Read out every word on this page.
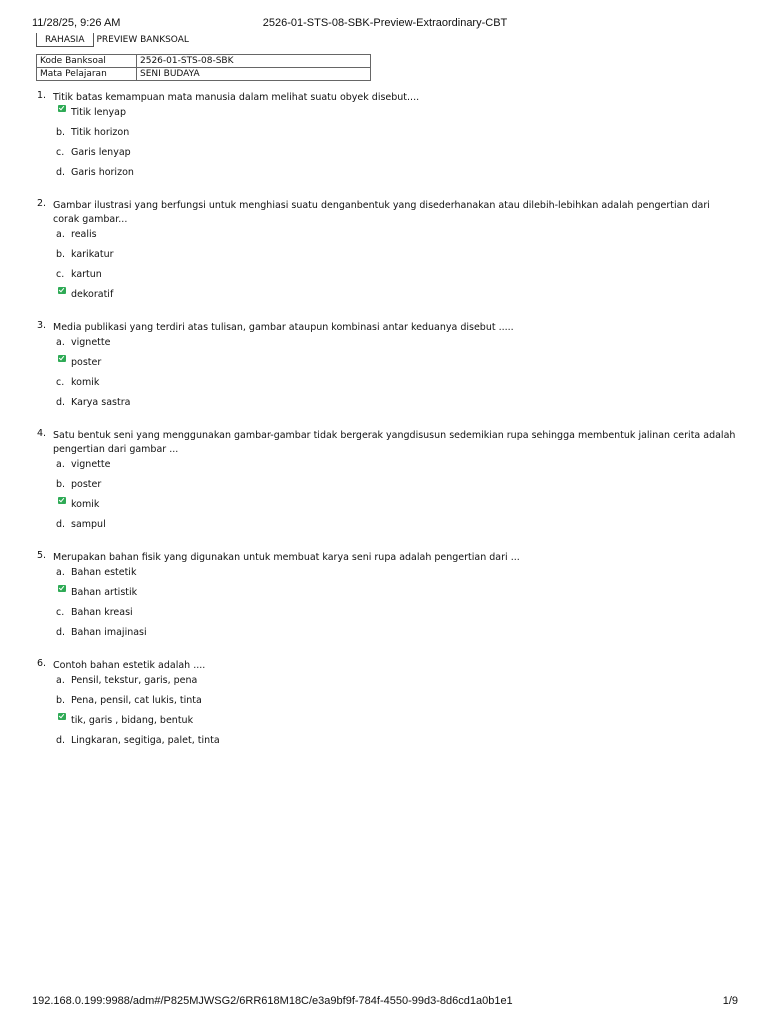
11/28/25, 9:26 AM	2526-01-STS-08-SBK-Preview-Extraordinary-CBT
RAHASIA	PREVIEW BANKSOAL
Kode Banksoal	2526-01-STS-08-SBK
Mata Pelajaran	SENI BUDAYA
1. Titik batas kemampuan mata manusia dalam melihat suatu obyek disebut....
Titik lenyap
b. Titik horizon
c. Garis lenyap
d. Garis horizon
2. Gambar ilustrasi yang berfungsi untuk menghiasi suatu denganbentuk yang disederhanakan atau dilebih-lebihkan adalah pengertian dari corak gambar...
a. realis
b. karikatur
c. kartun
dekoratif
3. Media publikasi yang terdiri atas tulisan, gambar ataupun kombinasi antar keduanya disebut .....
a. vignette
poster
c. komik
d. Karya sastra
4. Satu bentuk seni yang menggunakan gambar-gambar tidak bergerak yangdisusun sedemikian rupa sehingga membentuk jalinan cerita adalah pengertian dari gambar ...
a. vignette
b. poster
komik
d. sampul
5. Merupakan bahan fisik yang digunakan untuk membuat karya seni rupa adalah pengertian dari ...
a. Bahan estetik
Bahan artistik
c. Bahan kreasi
d. Bahan imajinasi
6. Contoh bahan estetik adalah ....
a. Pensil, tekstur, garis, pena
b. Pena, pensil, cat lukis, tinta
tik, garis , bidang, bentuk
d. Lingkaran, segitiga, palet, tinta
192.168.0.199:9988/adm#/P825MJWSG2/6RR618M18C/e3a9bf9f-784f-4550-99d3-8d6cd1a0b1e1	1/9
